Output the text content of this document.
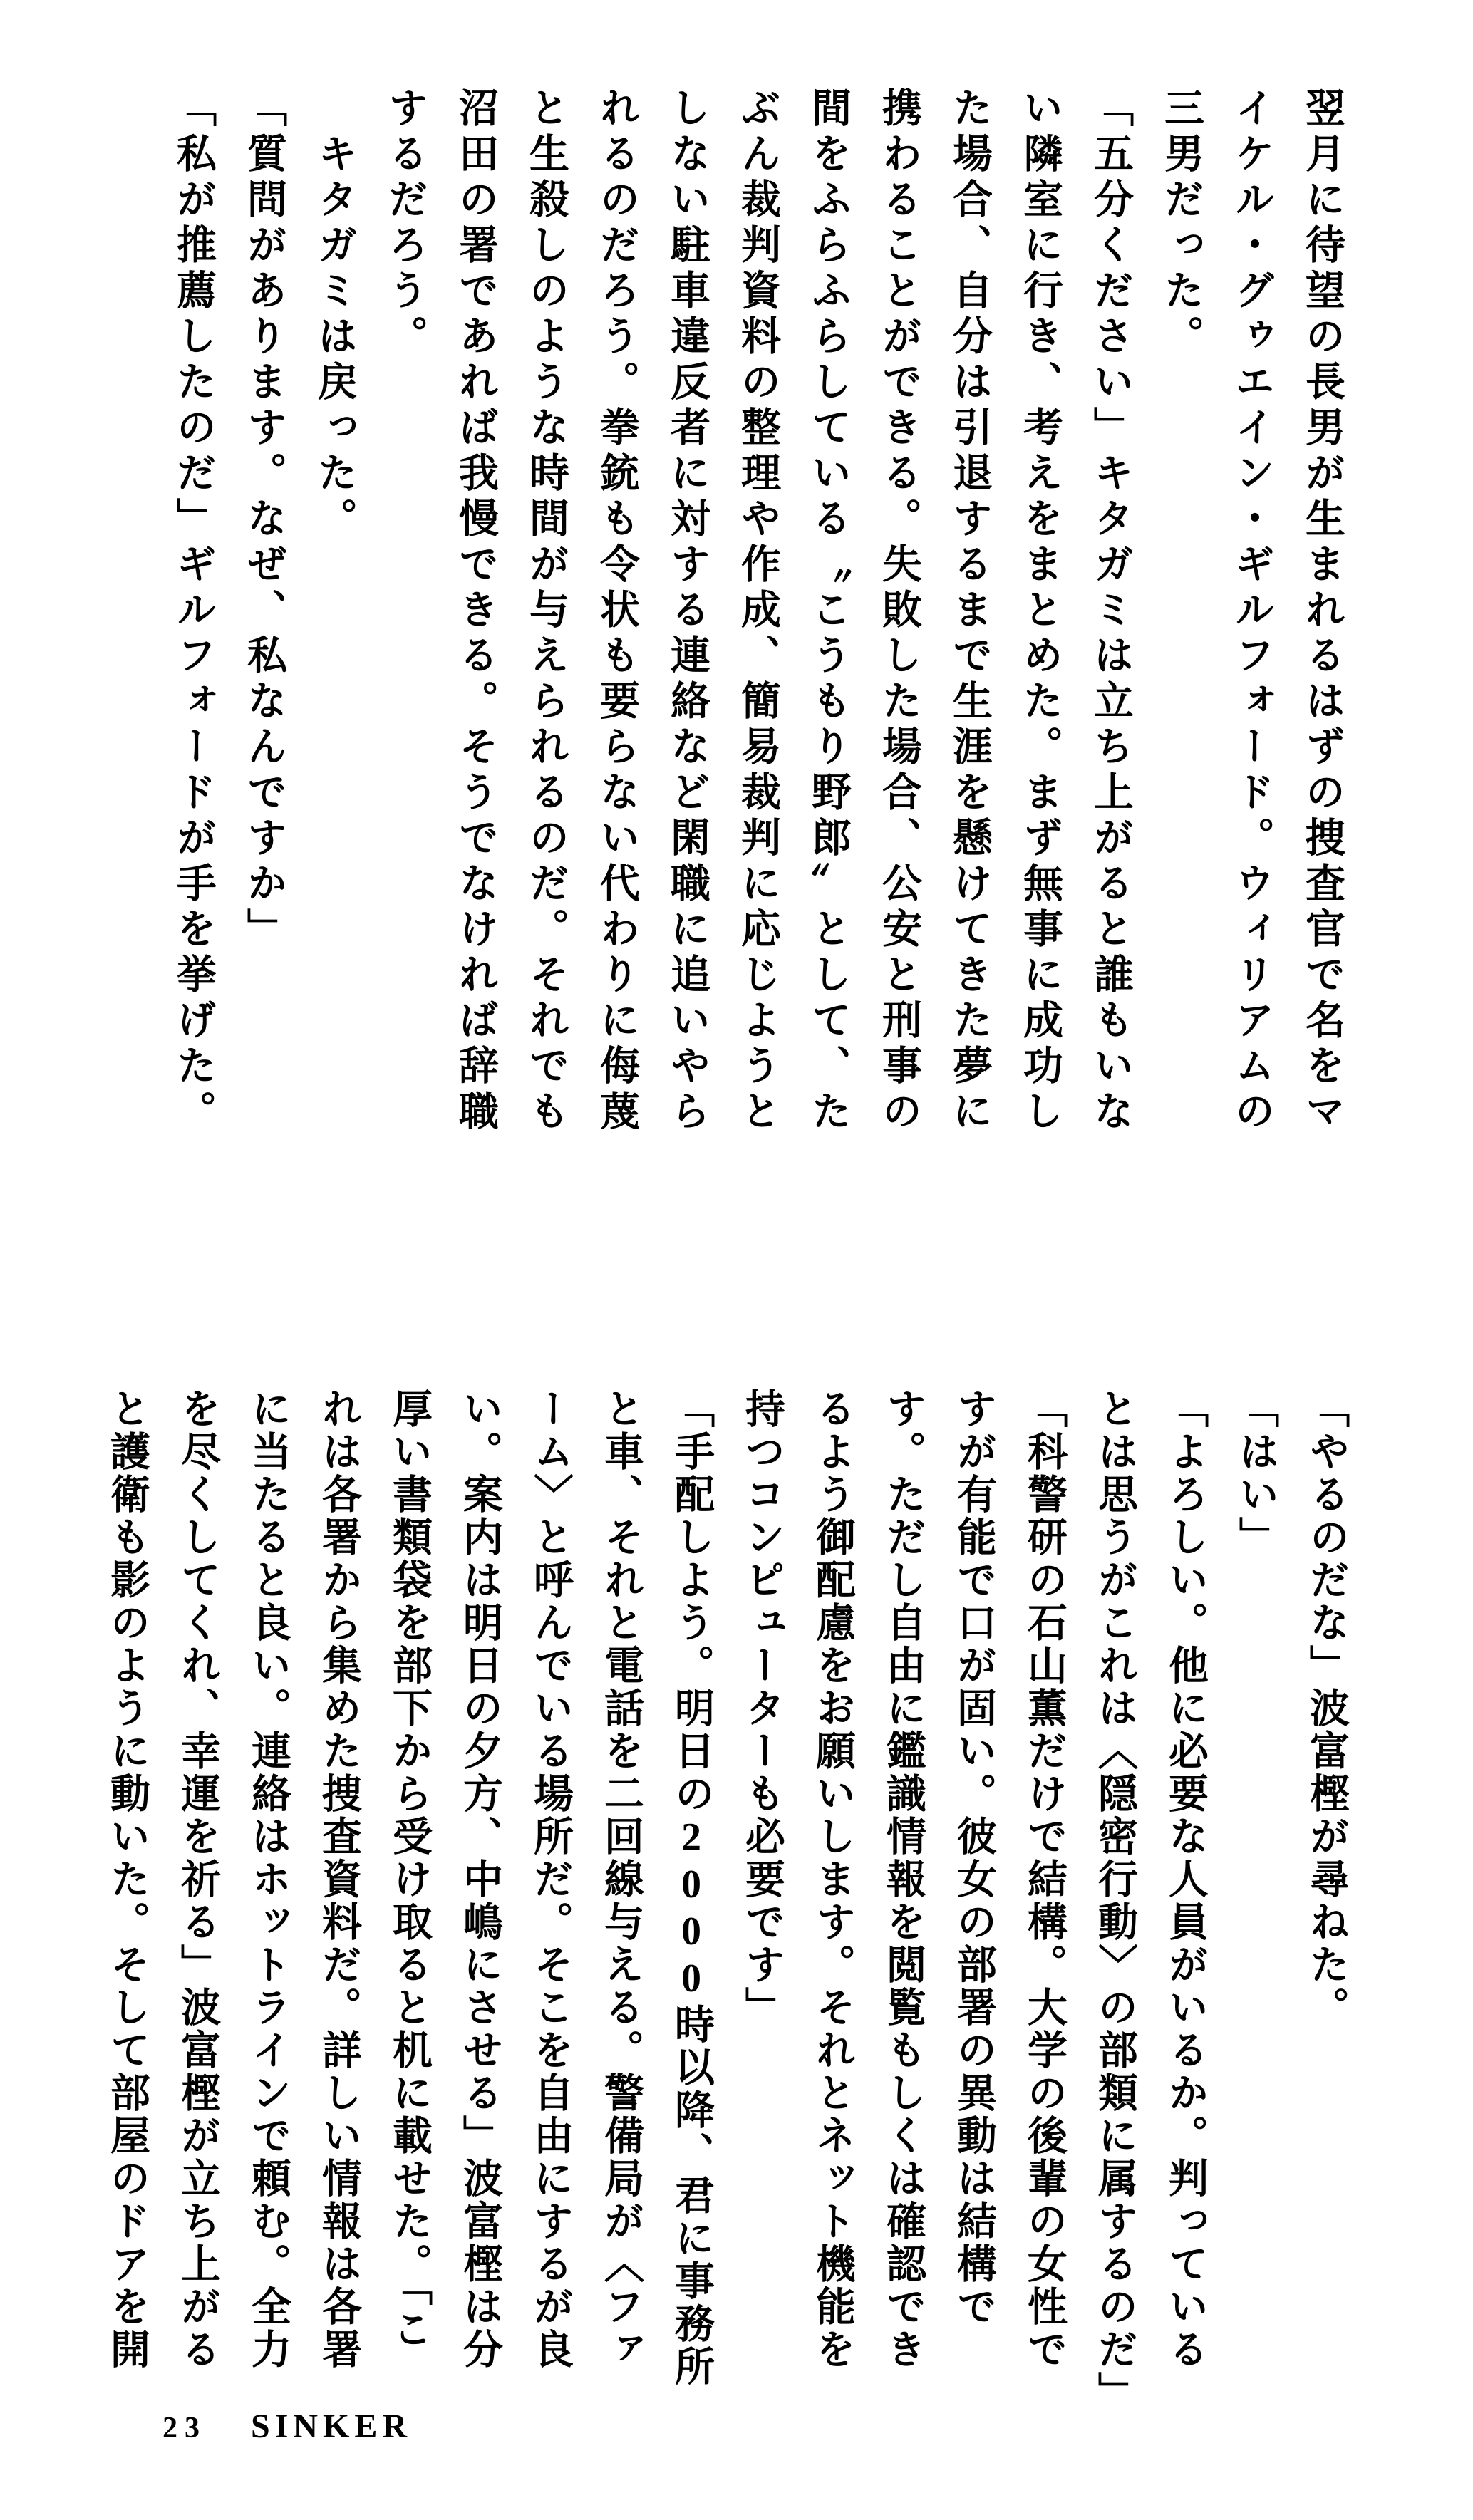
翌月に待望の長男が生まれるはずの捜査官で名をマ
イケル・グゥエイン・ギルフォード。ウィリアムの
三男だった。
「五分ください」キタガミは立ち上がると誰もいな
い隣室に行き、考えをまとめた。まず無事に成功し
た場合、自分は引退するまで生涯を懸けてきた夢に
携わることができる。失敗した場合、公安と刑事の
間をふらふらしている〝こうもり野郎〟として、た
ぶん裁判資料の整理や作成、簡易裁判に応じようと
しない駐車違反者に対する連絡など閑職に追いやら
れるのだろう。拳銃も令状も要らない代わりに侮蔑
と生殺しのような時間が与えられるのだ。それでも
沼田の署であれば我慢できる。そうでなければ辞職
するだろう。
キタガミは戻った。
「質問があります。なぜ、私なんですか」
「私が推薦したのだ」ギルフォードが手を挙げた。
「やるのだな」波富樫が尋ねた。
「はい」
「よろしい。他に必要な人員がいるか。判っている
とは思うがこれは〈隠密行動〉の部類に属するのだ」
「科警研の石山薫だけで結構。大学の後輩の女性で
すが有能で口が固い。彼女の部署の異動は結構で
す。ただし自由に鑑識情報を閲覧もしくは確認でき
るよう御配慮をお願いします。それとネット機能を
持つコンピューターも必要です」
「手配しよう。明日の2000時以降、君に事務所
と車、それと電話を二回線与える。警備局が〈ファ
ーム〉と呼んでいる場所だ。そこを自由にするが良
い。案内は明日の夕方、中嶋にさせる」波富樫は分
厚い書類袋を部下から受け取ると机に載せた。「こ
れは各署から集めた捜査資料だ。詳しい情報は各署
に当たると良い。連絡はホットラインで頼む。全力
を尽くしてくれ、幸運を祈る」波富樫が立ち上がる
と護衛も影のように動いた。そして部屋のドアを開
23 SINKER
